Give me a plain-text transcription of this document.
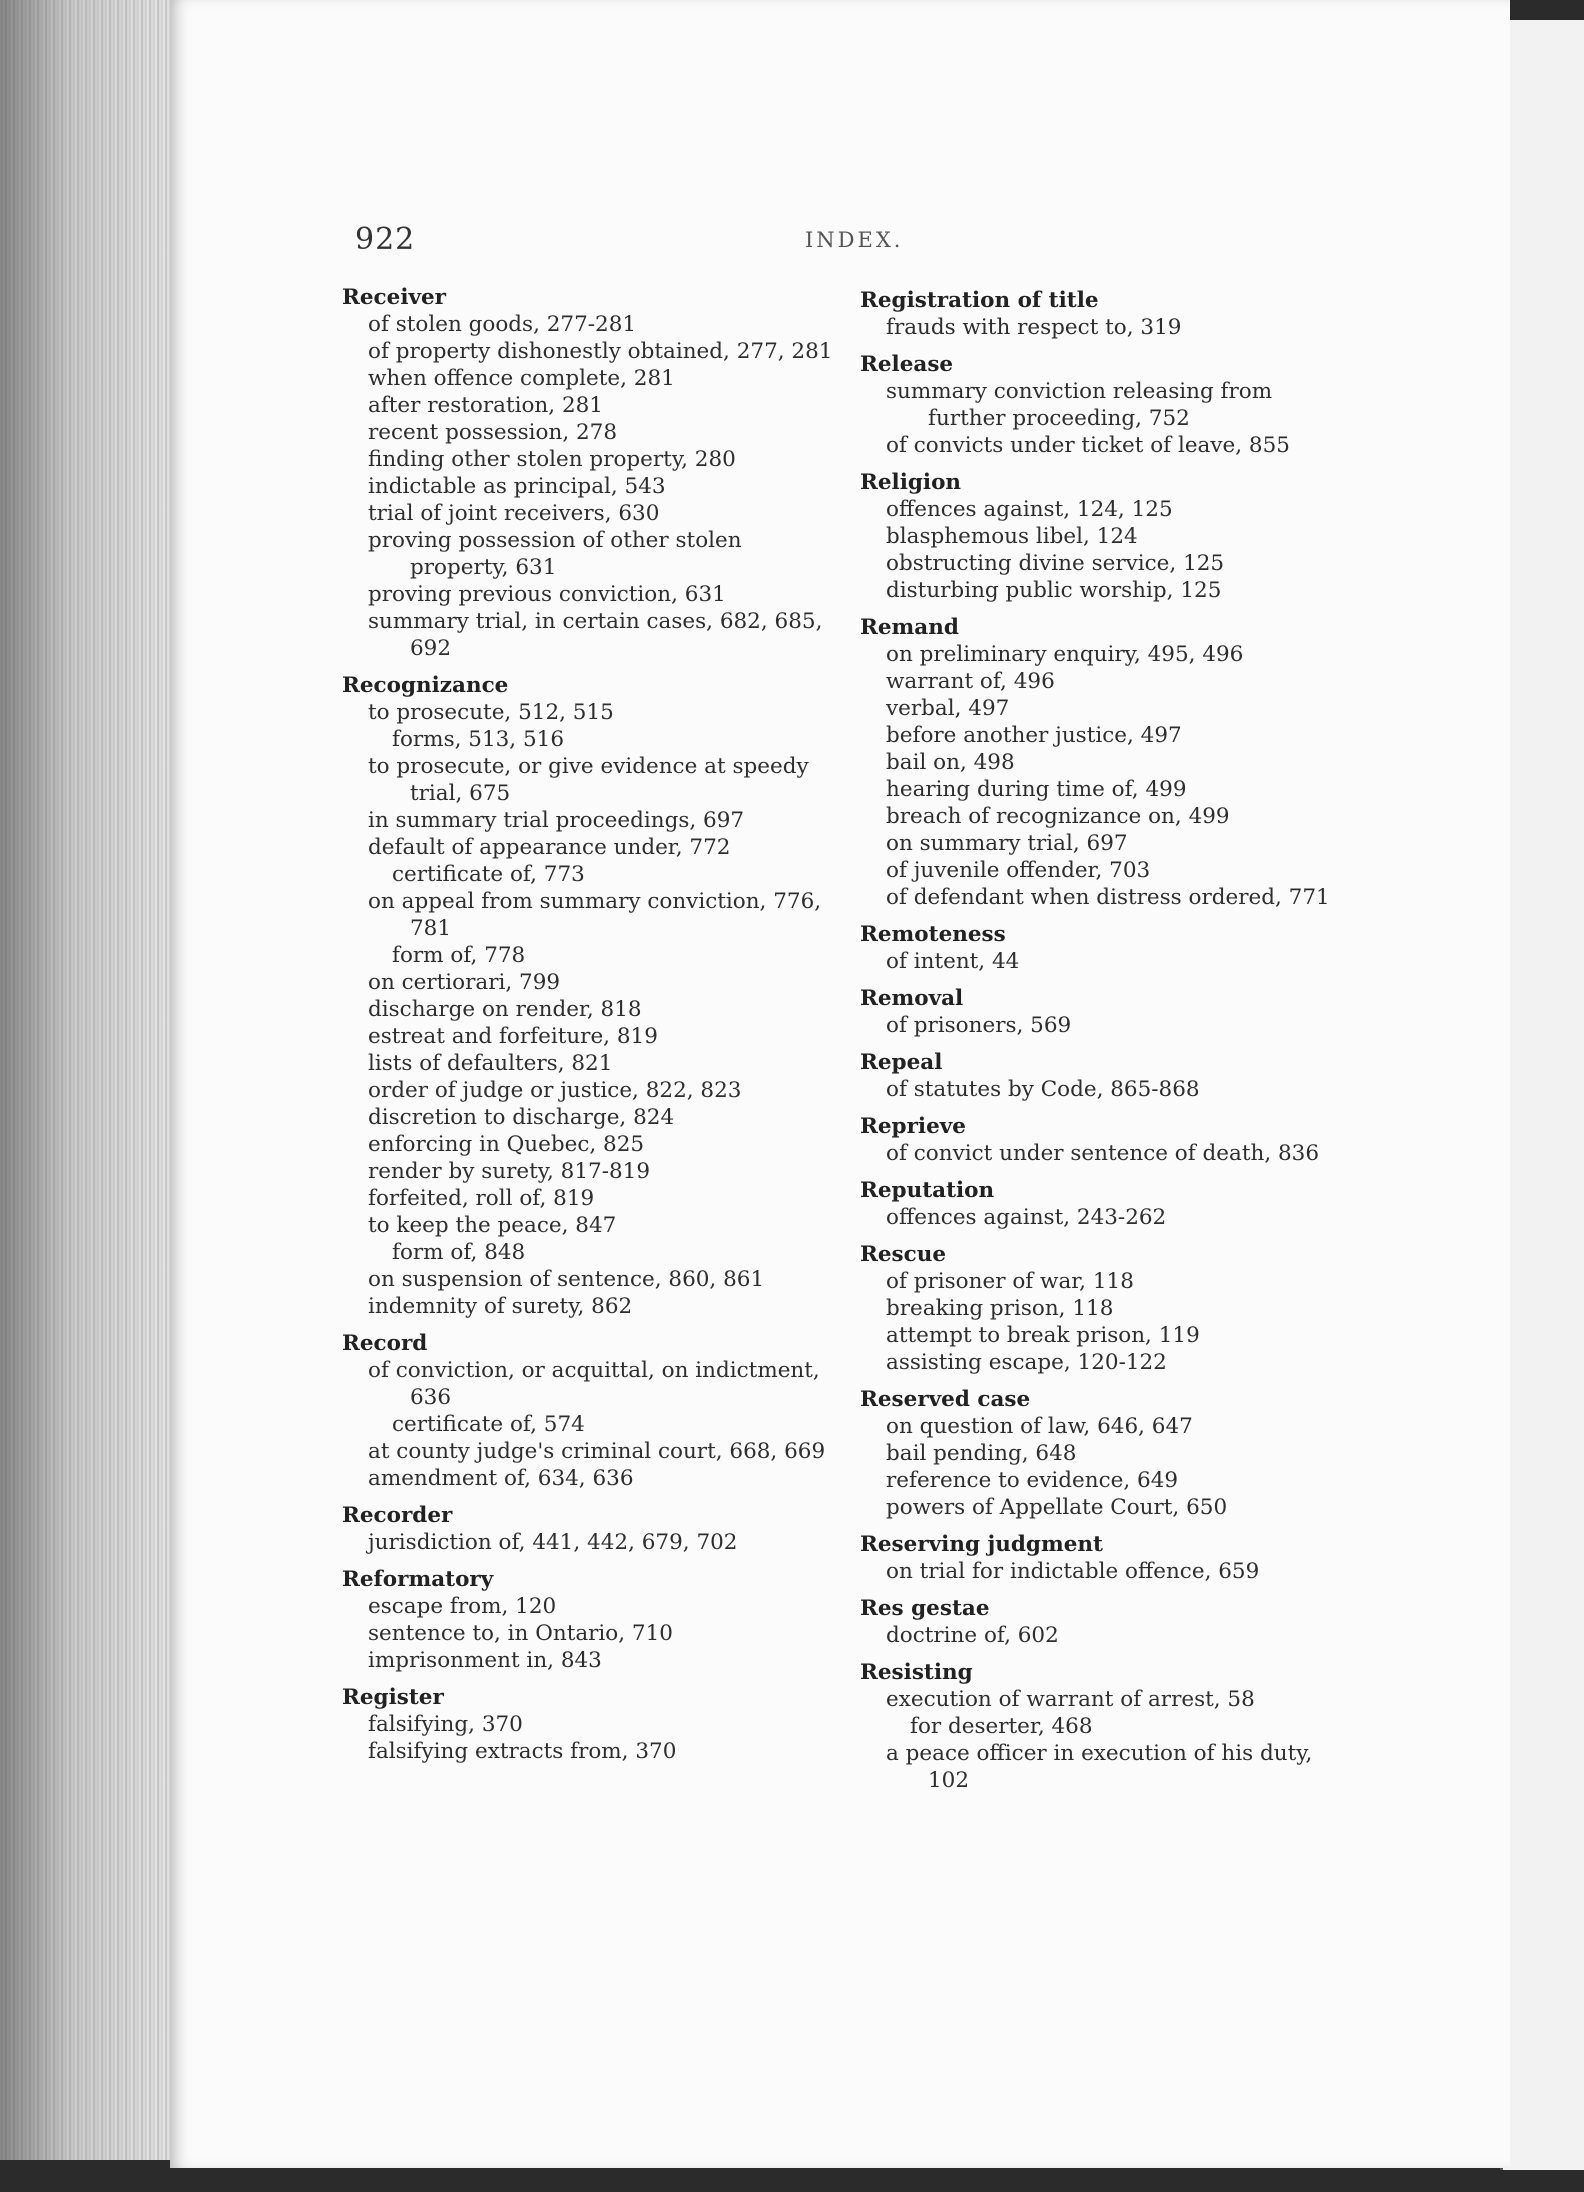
922	INDEX.
Receiver
of stolen goods, 277-281
of property dishonestly obtained, 277, 281
when offence complete, 281
after restoration, 281
recent possession, 278
finding other stolen property, 280
indictable as principal, 543
trial of joint receivers, 630
proving possession of other stolen property, 631
proving previous conviction, 631
summary trial, in certain cases, 682, 685, 692
Recognizance
to prosecute, 512, 515
forms, 513, 516
to prosecute, or give evidence at speedy trial, 675
in summary trial proceedings, 697
default of appearance under, 772
certificate of, 773
on appeal from summary conviction, 776, 781
form of, 778
on certiorari, 799
discharge on render, 818
estreat and forfeiture, 819
lists of defaulters, 821
order of judge or justice, 822, 823
discretion to discharge, 824
enforcing in Quebec, 825
render by surety, 817-819
forfeited, roll of, 819
to keep the peace, 847
form of, 848
on suspension of sentence, 860, 861
indemnity of surety, 862
Record
of conviction, or acquittal, on indictment, 636
certificate of, 574
at county judge's criminal court, 668, 669
amendment of, 634, 636
Recorder
jurisdiction of, 441, 442, 679, 702
Reformatory
escape from, 120
sentence to, in Ontario, 710
imprisonment in, 843
Register
falsifying, 370
falsifying extracts from, 370
Registration of title
frauds with respect to, 319
Release
summary conviction releasing from further proceeding, 752
of convicts under ticket of leave, 855
Religion
offences against, 124, 125
blasphemous libel, 124
obstructing divine service, 125
disturbing public worship, 125
Remand
on preliminary enquiry, 495, 496
warrant of, 496
verbal, 497
before another justice, 497
bail on, 498
hearing during time of, 499
breach of recognizance on, 499
on summary trial, 697
of juvenile offender, 703
of defendant when distress ordered, 771
Remoteness
of intent, 44
Removal
of prisoners, 569
Repeal
of statutes by Code, 865-868
Reprieve
of convict under sentence of death, 836
Reputation
offences against, 243-262
Rescue
of prisoner of war, 118
breaking prison, 118
attempt to break prison, 119
assisting escape, 120-122
Reserved case
on question of law, 646, 647
bail pending, 648
reference to evidence, 649
powers of Appellate Court, 650
Reserving judgment
on trial for indictable offence, 659
Res gestae
doctrine of, 602
Resisting
execution of warrant of arrest, 58
for deserter, 468
a peace officer in execution of his duty, 102
